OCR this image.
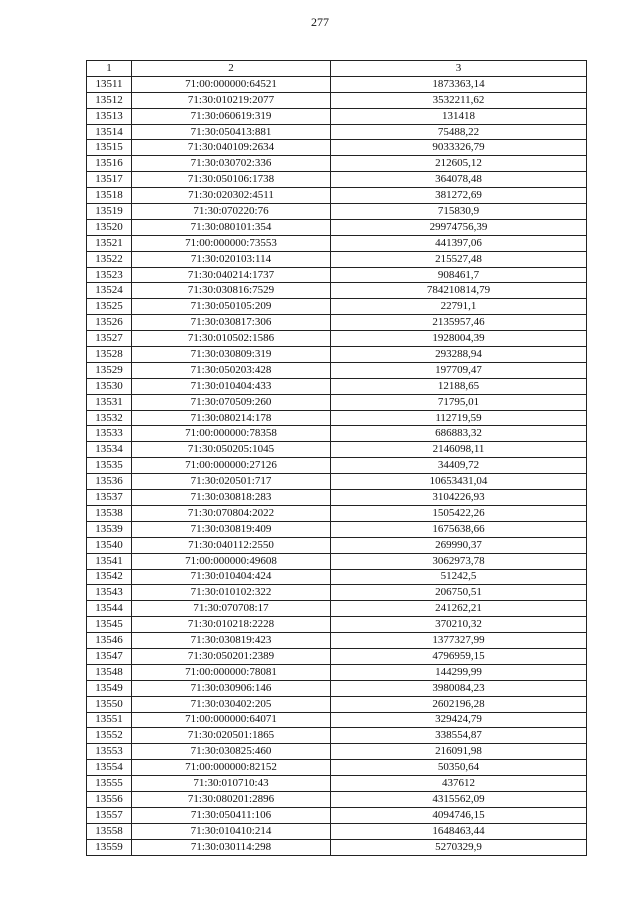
277
1	2	3
13511	71:00:000000:64521	1873363,14
13512	71:30:010219:2077	3532211,62
13513	71:30:060619:319	131418
13514	71:30:050413:881	75488,22
13515	71:30:040109:2634	9033326,79
13516	71:30:030702:336	212605,12
13517	71:30:050106:1738	364078,48
13518	71:30:020302:4511	381272,69
13519	71:30:070220:76	715830,9
13520	71:30:080101:354	29974756,39
13521	71:00:000000:73553	441397,06
13522	71:30:020103:114	215527,48
13523	71:30:040214:1737	908461,7
13524	71:30:030816:7529	784210814,79
13525	71:30:050105:209	22791,1
13526	71:30:030817:306	2135957,46
13527	71:30:010502:1586	1928004,39
13528	71:30:030809:319	293288,94
13529	71:30:050203:428	197709,47
13530	71:30:010404:433	12188,65
13531	71:30:070509:260	71795,01
13532	71:30:080214:178	112719,59
13533	71:00:000000:78358	686883,32
13534	71:30:050205:1045	2146098,11
13535	71:00:000000:27126	34409,72
13536	71:30:020501:717	10653431,04
13537	71:30:030818:283	3104226,93
13538	71:30:070804:2022	1505422,26
13539	71:30:030819:409	1675638,66
13540	71:30:040112:2550	269990,37
13541	71:00:000000:49608	3062973,78
13542	71:30:010404:424	51242,5
13543	71:30:010102:322	206750,51
13544	71:30:070708:17	241262,21
13545	71:30:010218:2228	370210,32
13546	71:30:030819:423	1377327,99
13547	71:30:050201:2389	4796959,15
13548	71:00:000000:78081	144299,99
13549	71:30:030906:146	3980084,23
13550	71:30:030402:205	2602196,28
13551	71:00:000000:64071	329424,79
13552	71:30:020501:1865	338554,87
13553	71:30:030825:460	216091,98
13554	71:00:000000:82152	50350,64
13555	71:30:010710:43	437612
13556	71:30:080201:2896	4315562,09
13557	71:30:050411:106	4094746,15
13558	71:30:010410:214	1648463,44
13559	71:30:030114:298	5270329,9
